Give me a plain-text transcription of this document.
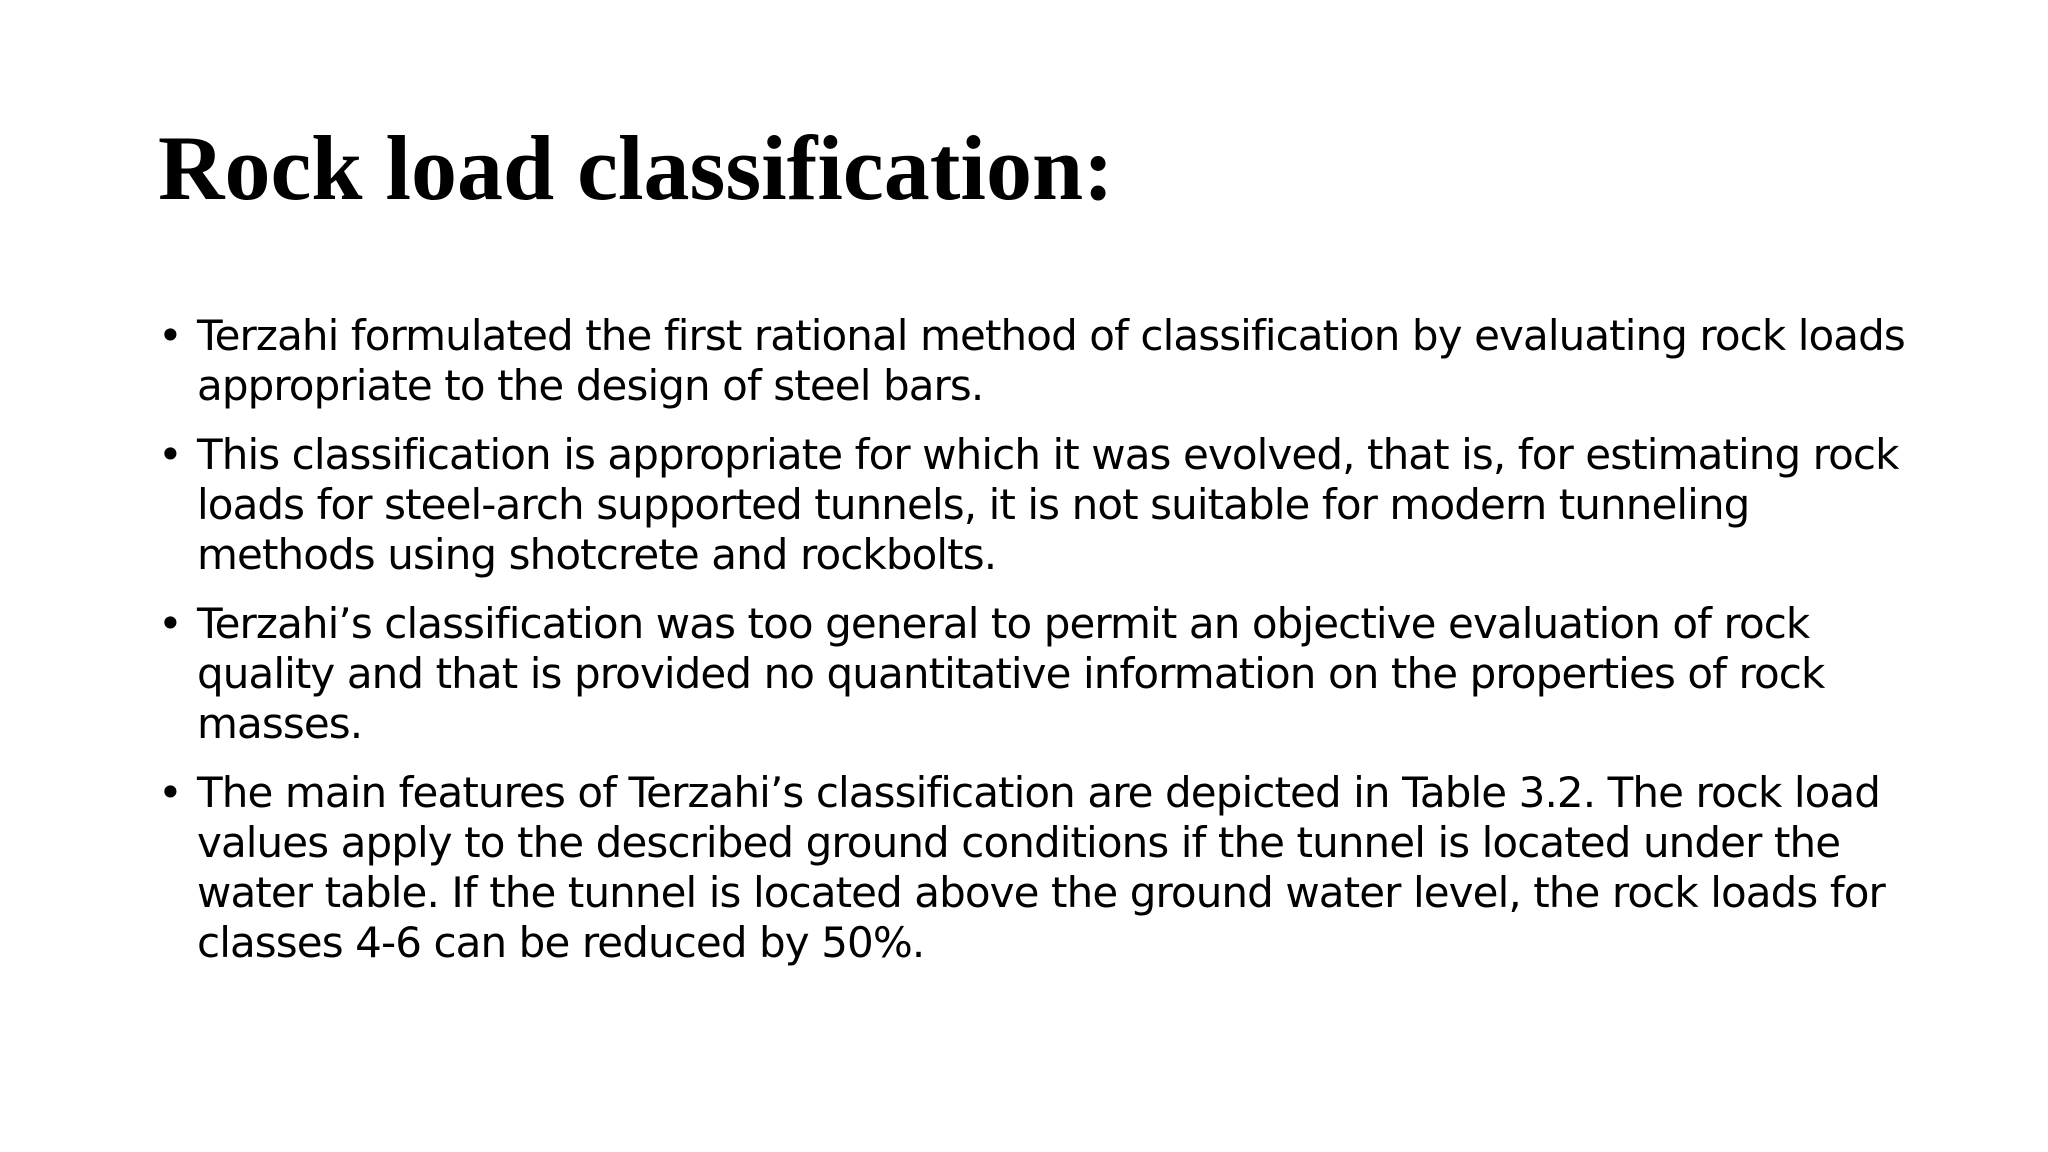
Rock load classification:
• Terzahi formulated the first rational method of classification by evaluating rock loads appropriate to the design of steel bars.
• This classification is appropriate for which it was evolved, that is, for estimating rock loads for steel-arch supported tunnels, it is not suitable for modern tunneling methods using shotcrete and rockbolts.
• Terzahi’s classification was too general to permit an objective evaluation of rock quality and that is provided no quantitative information on the properties of rock masses.
• The main features of Terzahi’s classification are depicted in Table 3.2. The rock load values apply to the described ground conditions if the tunnel is located under the water table. If the tunnel is located above the ground water level, the rock loads for classes 4-6 can be reduced by 50%.
